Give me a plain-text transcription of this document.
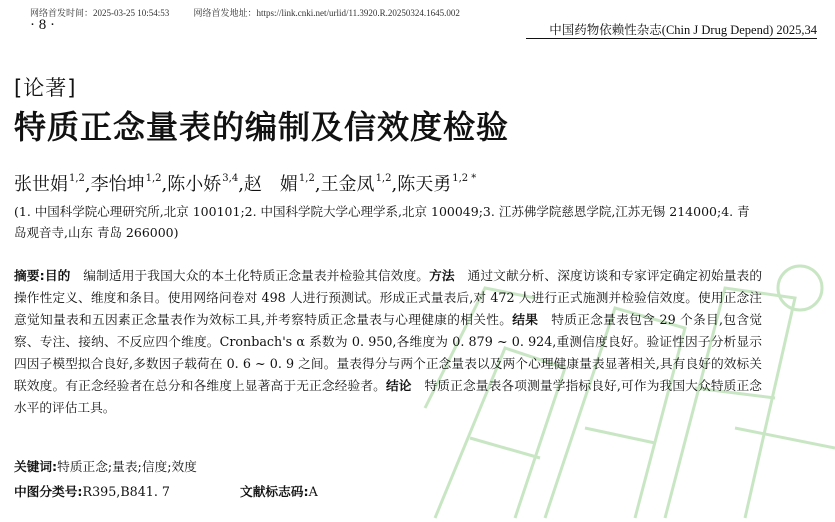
网络首发时间：2025-03-25 10:54:53	网络首发地址：https://link.cnki.net/urlid/11.3920.R.20250324.1645.002
· 8 ·	中国药物依赖性杂志(Chin J Drug Depend) 2025,34
[论著]
特质正念量表的编制及信效度检验
张世娟$^{1,2}$,李怡坤$^{1,2}$,陈小娇$^{3,4}$,赵　媚$^{1,2}$,王金凤$^{1,2}$,陈天勇$^{1,2 *}$
(1. 中国科学院心理研究所,北京 100101;2. 中国科学院大学心理学系,北京 100049;3. 江苏佛学院慈恩学院,江苏无锡 214000;4. 青岛观音寺,山东 青岛 266000)
摘要:目的　编制适用于我国大众的本土化特质正念量表并检验其信效度。方法　通过文献分析、深度访谈和专家评定确定初始量表的操作性定义、维度和条目。使用网络问卷对 498 人进行预测试。形成正式量表后,对 472 人进行正式施测并检验信效度。使用正念注意觉知量表和五因素正念量表作为效标工具,并考察特质正念量表与心理健康的相关性。结果　特质正念量表包含 29 个条目,包含觉察、专注、接纳、不反应四个维度。Cronbach's α 系数为 0. 950,各维度为 0. 879 ~ 0. 924,重测信度良好。验证性因子分析显示四因子模型拟合良好,多数因子载荷在 0. 6 ~ 0. 9 之间。量表得分与两个正念量表以及两个心理健康量表显著相关,具有良好的效标关联效度。有正念经验者在总分和各维度上显著高于无正念经验者。结论　特质正念量表各项测量学指标良好,可作为我国大众特质正念水平的评估工具。
关键词:特质正念;量表;信度;效度
中图分类号:R395,B841. 7	文献标志码:A
